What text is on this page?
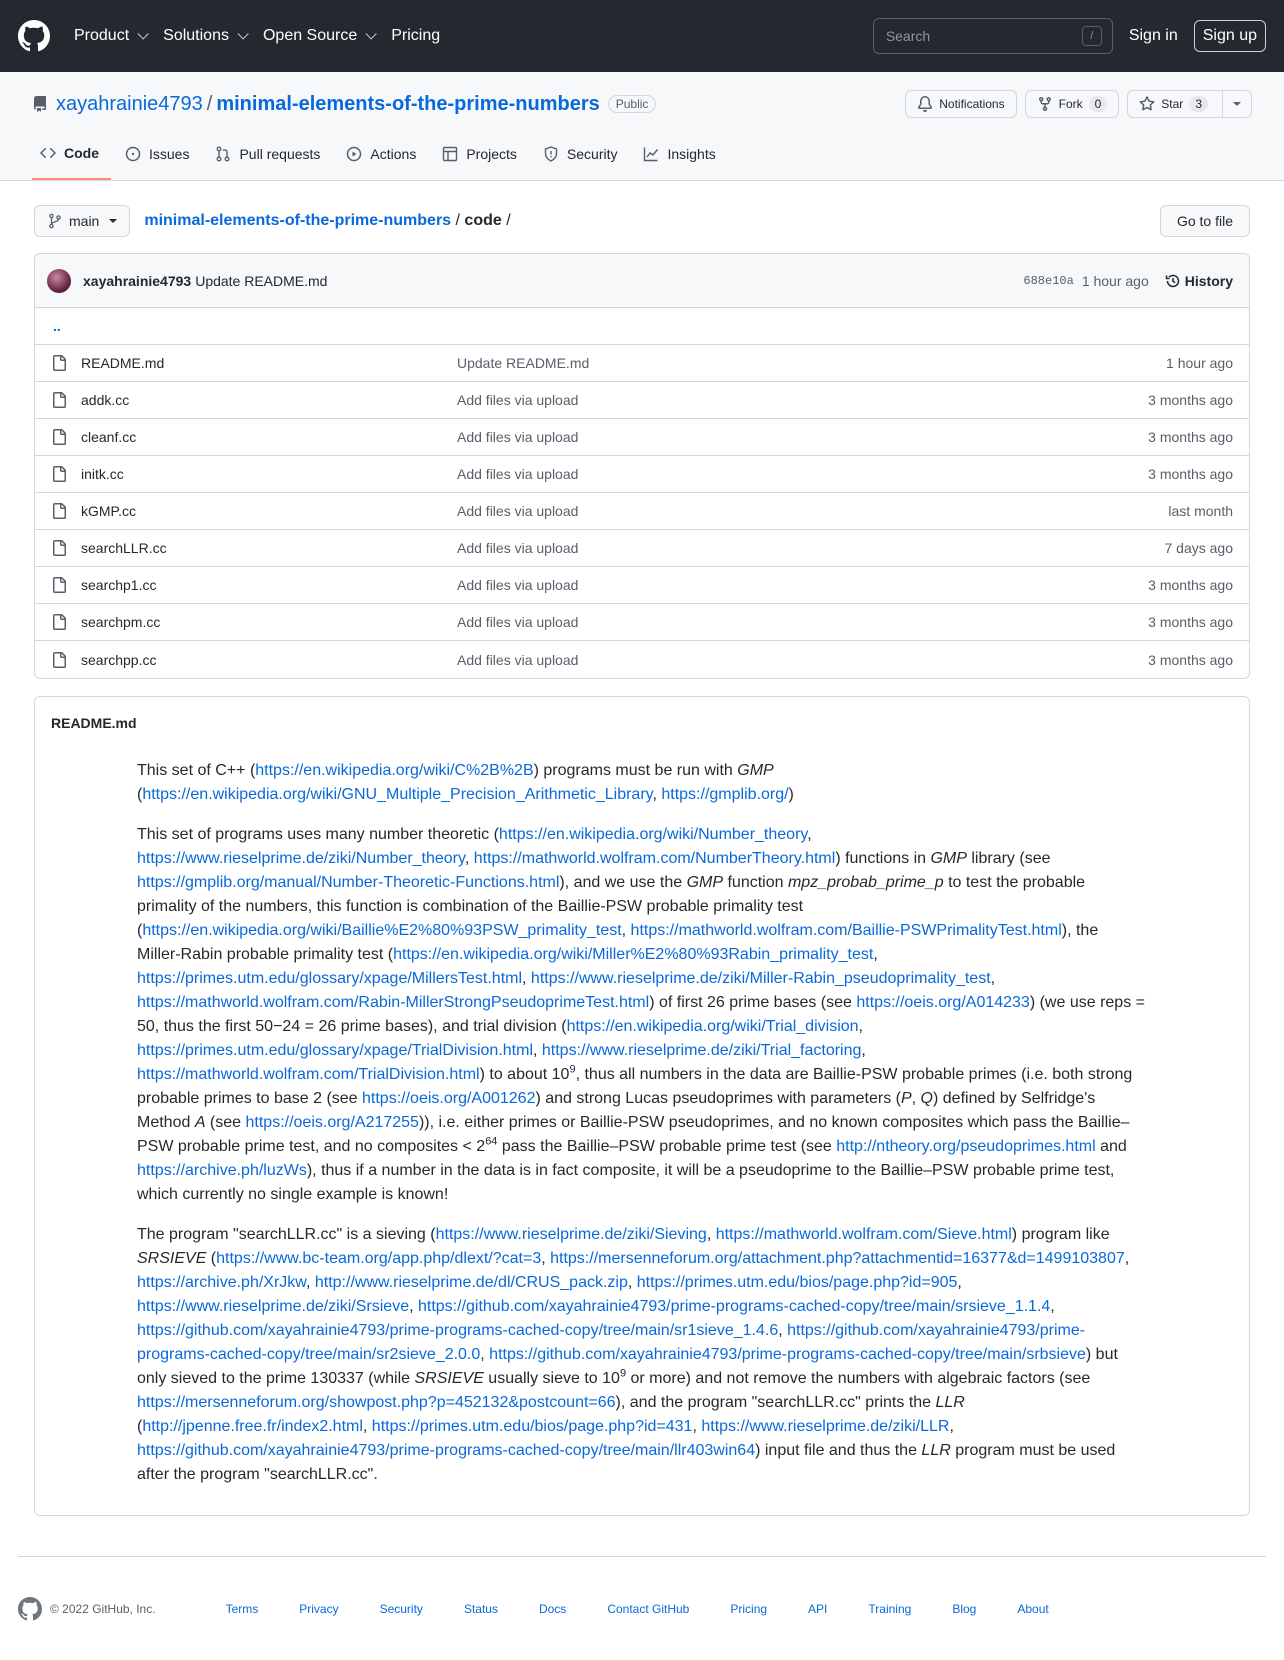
Product Solutions Open Source Pricing	Search	/	Sign in	Sign up
xayahrainie4793 / minimal-elements-of-the-prime-numbers	Public	Notifications	Fork	0	Star	3
Code	Issues	Pull requests	Actions	Projects	Security	Insights
main	minimal-elements-of-the-prime-numbers / code /	Go to file
xayahrainie4793 Update README.md	688e10a 1 hour ago	History
..
README.md	Update README.md	1 hour ago
addk.cc	Add files via upload	3 months ago
cleanf.cc	Add files via upload	3 months ago
initk.cc	Add files via upload	3 months ago
kGMP.cc	Add files via upload	last month
searchLLR.cc	Add files via upload	7 days ago
searchp1.cc	Add files via upload	3 months ago
searchpm.cc	Add files via upload	3 months ago
searchpp.cc	Add files via upload	3 months ago
README.md

This set of C++ (https://en.wikipedia.org/wiki/C%2B%2B) programs must be run with GMP (https://en.wikipedia.org/wiki/GNU_Multiple_Precision_Arithmetic_Library, https://gmplib.org/)

This set of programs uses many number theoretic (https://en.wikipedia.org/wiki/Number_theory, https://www.rieselprime.de/ziki/Number_theory, https://mathworld.wolfram.com/NumberTheory.html) functions in GMP library (see https://gmplib.org/manual/Number-Theoretic-Functions.html), and we use the GMP function mpz_probab_prime_p to test the probable primality of the numbers, this function is combination of the Baillie-PSW probable primality test (https://en.wikipedia.org/wiki/Baillie%E2%80%93PSW_primality_test, https://mathworld.wolfram.com/Baillie-PSWPrimalityTest.html), the Miller-Rabin probable primality test (https://en.wikipedia.org/wiki/Miller%E2%80%93Rabin_primality_test, https://primes.utm.edu/glossary/xpage/MillersTest.html, https://www.rieselprime.de/ziki/Miller-Rabin_pseudoprimality_test, https://mathworld.wolfram.com/Rabin-MillerStrongPseudoprimeTest.html) of first 26 prime bases (see https://oeis.org/A014233) (we use reps = 50, thus the first 50−24 = 26 prime bases), and trial division (https://en.wikipedia.org/wiki/Trial_division, https://primes.utm.edu/glossary/xpage/TrialDivision.html, https://www.rieselprime.de/ziki/Trial_factoring, https://mathworld.wolfram.com/TrialDivision.html) to about $10^9$, thus all numbers in the data are Baillie-PSW probable primes (i.e. both strong probable primes to base 2 (see https://oeis.org/A001262) and strong Lucas pseudoprimes with parameters (P, Q) defined by Selfridge's Method A (see https://oeis.org/A217255)), i.e. either primes or Baillie-PSW pseudoprimes, and no known composites which pass the Baillie–PSW probable prime test, and no composites < $2^{64}$ pass the Baillie–PSW probable prime test (see http://ntheory.org/pseudoprimes.html and https://archive.ph/luzWs), thus if a number in the data is in fact composite, it will be a pseudoprime to the Baillie–PSW probable prime test, which currently no single example is known!

The program "searchLLR.cc" is a sieving (https://www.rieselprime.de/ziki/Sieving, https://mathworld.wolfram.com/Sieve.html) program like SRSIEVE (https://www.bc-team.org/app.php/dlext/?cat=3, https://mersenneforum.org/attachment.php?attachmentid=16377&d=1499103807, https://archive.ph/XrJkw, http://www.rieselprime.de/dl/CRUS_pack.zip, https://primes.utm.edu/bios/page.php?id=905, https://www.rieselprime.de/ziki/Srsieve, https://github.com/xayahrainie4793/prime-programs-cached-copy/tree/main/srsieve_1.1.4, https://github.com/xayahrainie4793/prime-programs-cached-copy/tree/main/sr1sieve_1.4.6, https://github.com/xayahrainie4793/prime-programs-cached-copy/tree/main/sr2sieve_2.0.0, https://github.com/xayahrainie4793/prime-programs-cached-copy/tree/main/srbsieve) but only sieved to the prime 130337 (while SRSIEVE usually sieve to $10^9$ or more) and not remove the numbers with algebraic factors (see https://mersenneforum.org/showpost.php?p=452132&postcount=66), and the program "searchLLR.cc" prints the LLR (http://jpenne.free.fr/index2.html, https://primes.utm.edu/bios/page.php?id=431, https://www.rieselprime.de/ziki/LLR, https://github.com/xayahrainie4793/prime-programs-cached-copy/tree/main/llr403win64) input file and thus the LLR program must be used after the program "searchLLR.cc".

© 2022 GitHub, Inc.	Terms	Privacy	Security	Status	Docs	Contact GitHub	Pricing	API	Training	Blog	About
